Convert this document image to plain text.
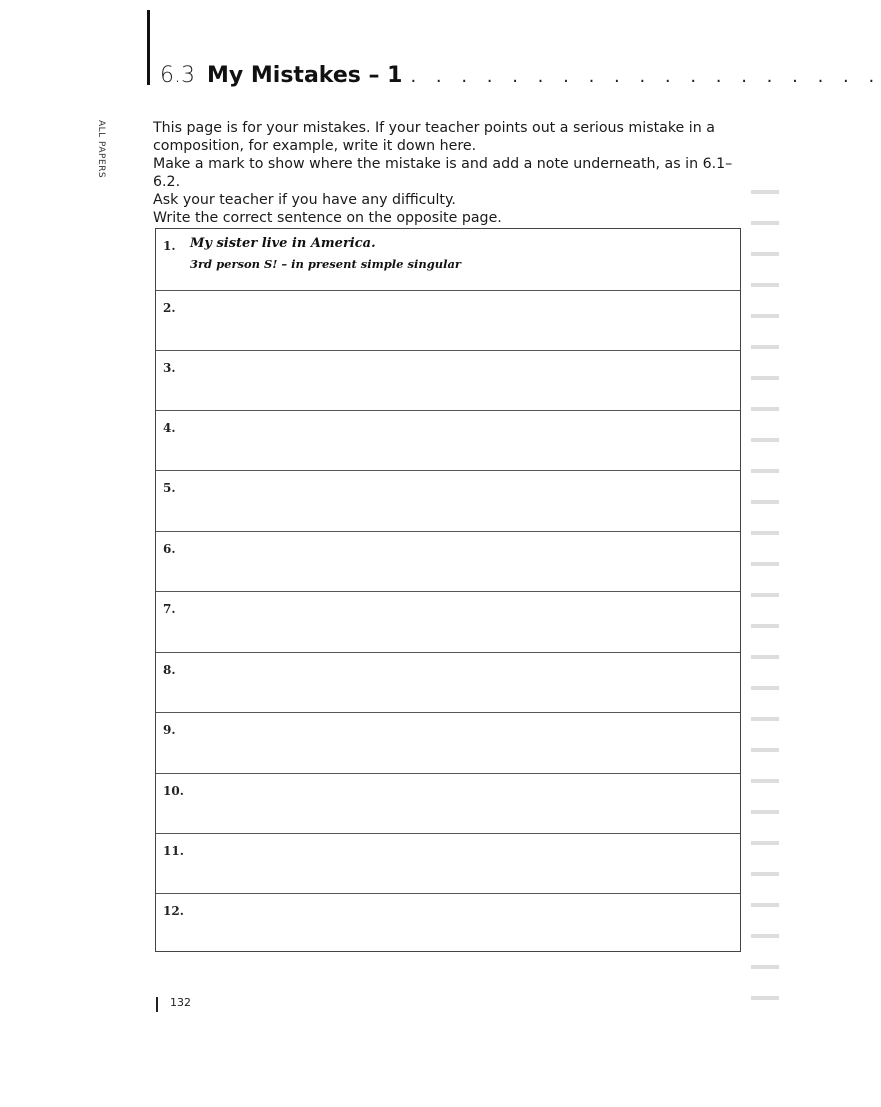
ALL PAPERS
6.3 My Mistakes – 1 . . . . . . . . . . . . . . . . . . .

This page is for your mistakes. If your teacher points out a serious mistake in a composition, for example, write it down here.

Make a mark to show where the mistake is and add a note underneath, as in 6.1–6.2.

Ask your teacher if you have any difficulty.

Write the correct sentence on the opposite page.

1. My sister live in America.
3rd person S! – in present simple singular
2.
3.
4.
5.
6.
7.
8.
9.
10.
11.
12.
132
